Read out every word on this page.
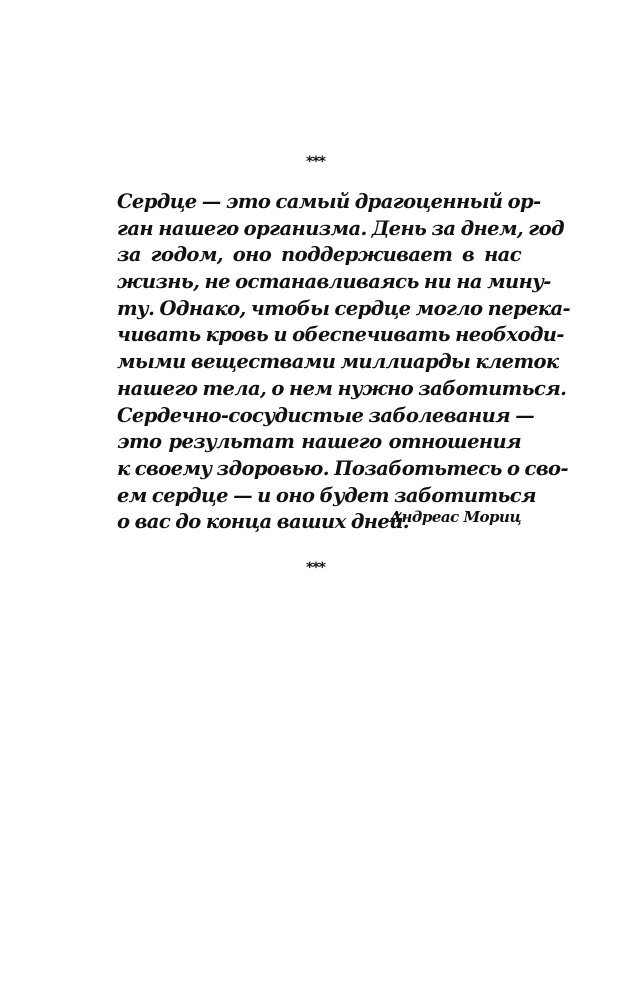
***
Сердце — это самый драгоценный ор-
ган нашего организма. День за днем, год
за годом, оно поддерживает в нас
жизнь, не останавливаясь ни на мину-
ту. Однако, чтобы сердце могло перека-
чивать кровь и обеспечивать необходи-
мыми веществами миллиарды клеток
нашего тела, о нем нужно заботиться.
Сердечно-сосудистые заболевания —
это результат нашего отношения
к своему здоровью. Позаботьтесь о сво-
ем сердце — и оно будет заботиться
о вас до конца ваших дней.
Андреас Мориц
***
